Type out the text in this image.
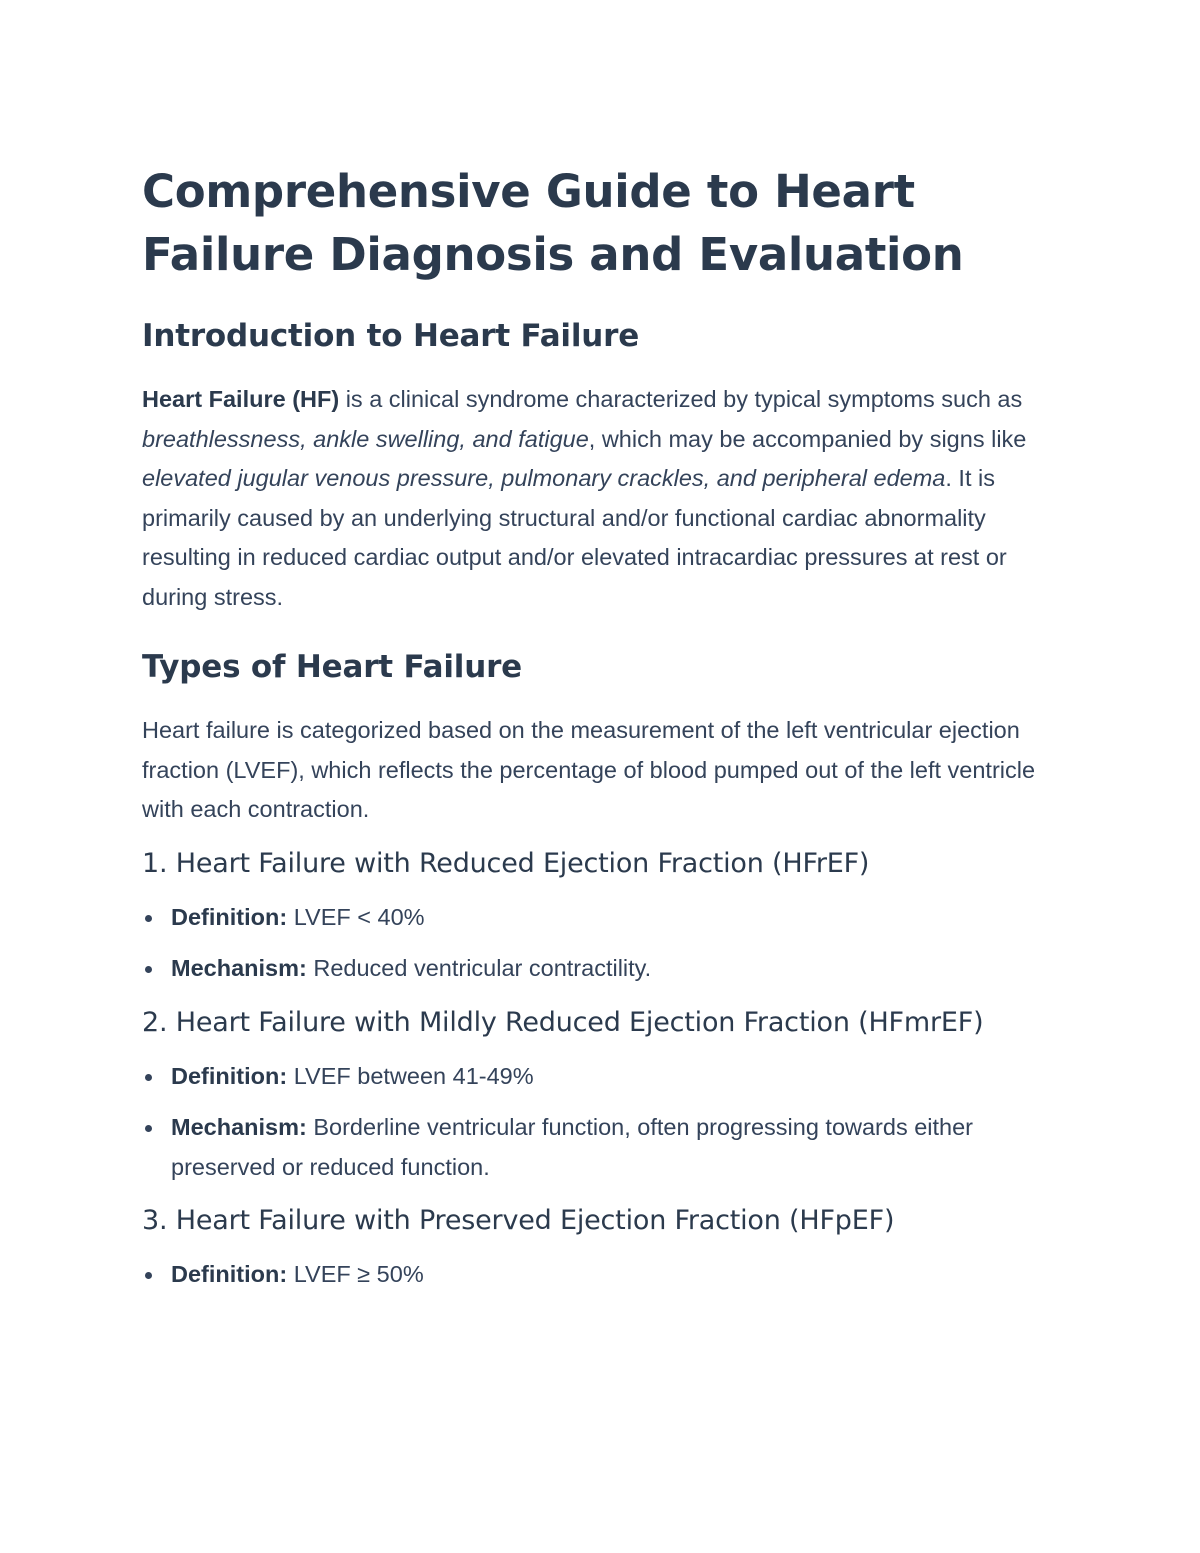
Comprehensive Guide to Heart Failure Diagnosis and Evaluation
Introduction to Heart Failure

Heart Failure (HF) is a clinical syndrome characterized by typical symptoms such as breathlessness, ankle swelling, and fatigue, which may be accompanied by signs like elevated jugular venous pressure, pulmonary crackles, and peripheral edema. It is primarily caused by an underlying structural and/or functional cardiac abnormality resulting in reduced cardiac output and/or elevated intracardiac pressures at rest or during stress.

Types of Heart Failure

Heart failure is categorized based on the measurement of the left ventricular ejection fraction (LVEF), which reflects the percentage of blood pumped out of the left ventricle with each contraction.

1. Heart Failure with Reduced Ejection Fraction (HFrEF)
Definition: LVEF < 40%
Mechanism: Reduced ventricular contractility.
2. Heart Failure with Mildly Reduced Ejection Fraction (HFmrEF)
Definition: LVEF between 41-49%
Mechanism: Borderline ventricular function, often progressing towards either preserved or reduced function.
3. Heart Failure with Preserved Ejection Fraction (HFpEF)
Definition: LVEF ≥ 50%
